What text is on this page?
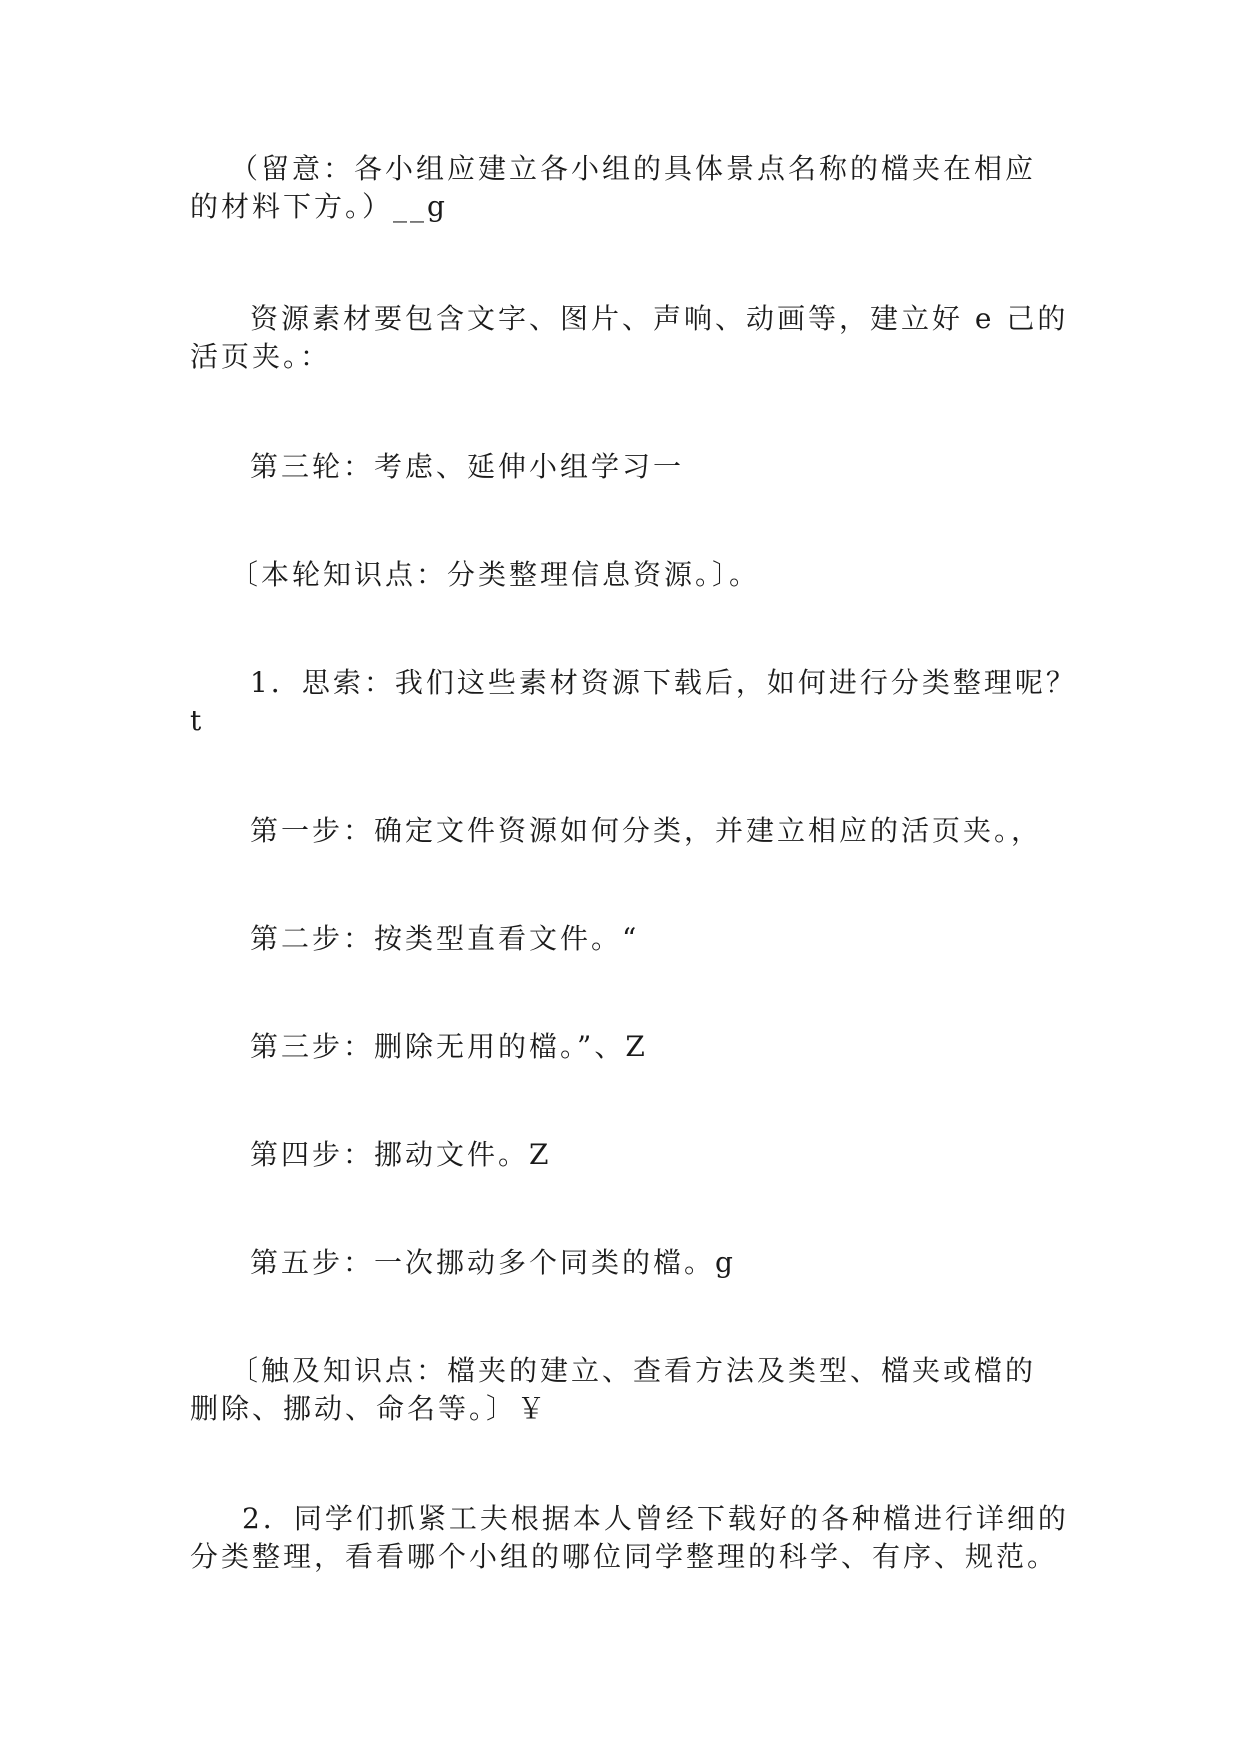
（留意：各小组应建立各小组的具体景点名称的檔夹在相应
的材料下方。）__g

资源素材要包含文字、图片、声响、动画等，建立好 e 己的
活页夹。：

第三轮：考虑、延伸小组学习一

〔本轮知识点：分类整理信息资源。〕。

1．思索：我们这些素材资源下载后，如何进行分类整理呢？
t

第一步：确定文件资源如何分类，并建立相应的活页夹。，

第二步：按类型直看文件。“

第三步：删除无用的檔。”、Z

第四步：挪动文件。Z

第五步：一次挪动多个同类的檔。g

〔触及知识点：檔夹的建立、查看方法及类型、檔夹或檔的
删除、挪动、命名等。〕￥

2．同学们抓紧工夫根据本人曾经下载好的各种檔进行详细的
分类整理，看看哪个小组的哪位同学整理的科学、有序、规范。
